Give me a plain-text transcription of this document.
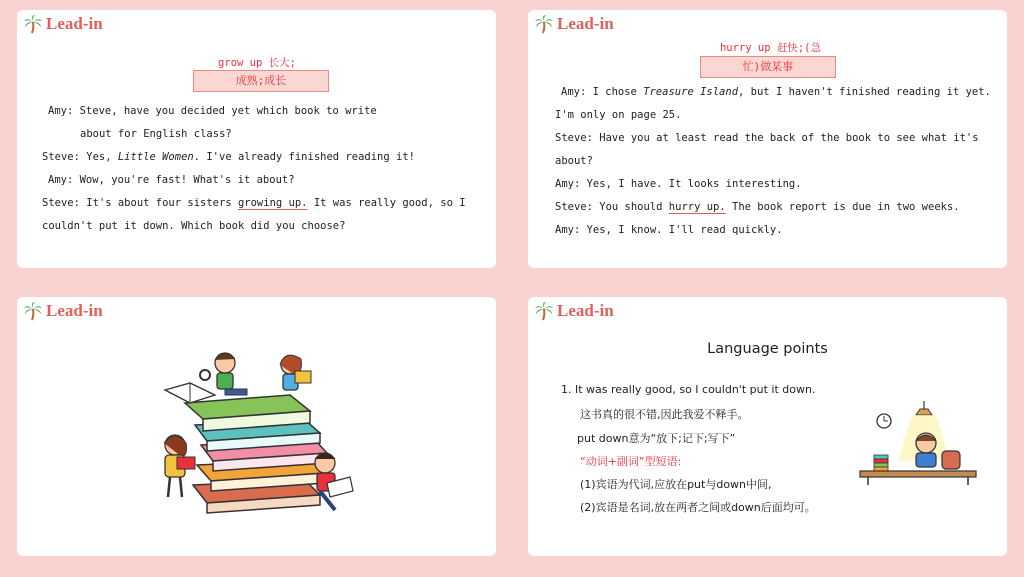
Lead-in
grow up 长大;
成熟;成长
Amy: Steve, have you decided yet which book to write
about for English class?
Steve: Yes, Little Women. I've already finished reading it!
Amy: Wow, you're fast! What's it about?
Steve: It's about four sisters growing up. It was really good, so I
couldn't put it down. Which book did you choose?
Lead-in
hurry up 赶快;(急
忙)做某事
Amy: I chose Treasure Island, but I haven't finished reading it yet.
I'm only on page 25.
Steve: Have you at least read the back of the book to see what it's
about?
Amy: Yes, I have. It looks interesting.
Steve: You should hurry up. The book report is due in two weeks.
Amy: Yes, I know. I'll read quickly.
Lead-in	Lead-in
Language points
1. It was really good, so I couldn't put it down.
这书真的很不错,因此我爱不释手。
put down意为“放下;记下;写下”
“动词+副词”型短语:
(1)宾语为代词,应放在put与down中间,
(2)宾语是名词,放在两者之间或down后面均可。
